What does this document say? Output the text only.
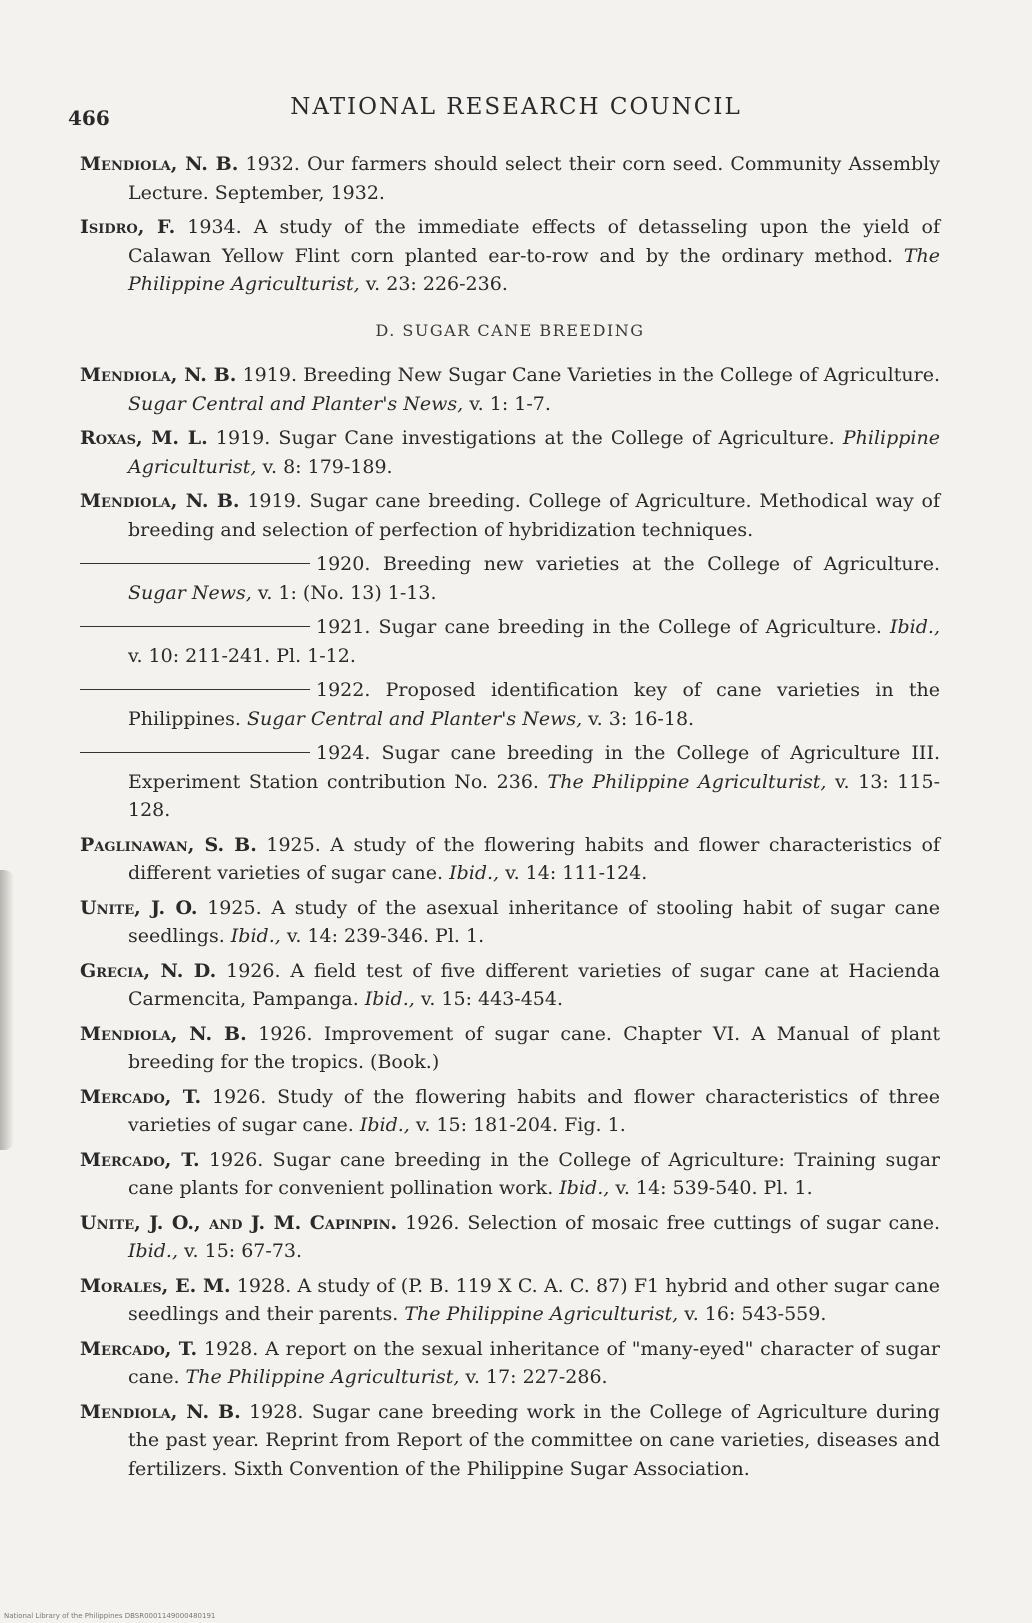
466	NATIONAL RESEARCH COUNCIL
Mendiola, N. B. 1932. Our farmers should select their corn seed. Community Assembly Lecture. September, 1932.
Isidro, F. 1934. A study of the immediate effects of detasseling upon the yield of Calawan Yellow Flint corn planted ear-to-row and by the ordinary method. The Philippine Agriculturist, v. 23: 226-236.
D. SUGAR CANE BREEDING
Mendiola, N. B. 1919. Breeding New Sugar Cane Varieties in the College of Agriculture. Sugar Central and Planter's News, v. 1: 1-7.
Roxas, M. L. 1919. Sugar Cane investigations at the College of Agriculture. Philippine Agriculturist, v. 8: 179-189.
Mendiola, N. B. 1919. Sugar cane breeding. College of Agriculture. Methodical way of breeding and selection of perfection of hybridization techniques.
1920. Breeding new varieties at the College of Agriculture. Sugar News, v. 1: (No. 13) 1-13.
1921. Sugar cane breeding in the College of Agriculture. Ibid., v. 10: 211-241. Pl. 1-12.
1922. Proposed identification key of cane varieties in the Philippines. Sugar Central and Planter's News, v. 3: 16-18.
1924. Sugar cane breeding in the College of Agriculture III. Experiment Station contribution No. 236. The Philippine Agriculturist, v. 13: 115-128.
Paglinawan, S. B. 1925. A study of the flowering habits and flower characteristics of different varieties of sugar cane. Ibid., v. 14: 111-124.
Unite, J. O. 1925. A study of the asexual inheritance of stooling habit of sugar cane seedlings. Ibid., v. 14: 239-346. Pl. 1.
Grecia, N. D. 1926. A field test of five different varieties of sugar cane at Hacienda Carmencita, Pampanga. Ibid., v. 15: 443-454.
Mendiola, N. B. 1926. Improvement of sugar cane. Chapter VI. A Manual of plant breeding for the tropics. (Book.)
Mercado, T. 1926. Study of the flowering habits and flower characteristics of three varieties of sugar cane. Ibid., v. 15: 181-204. Fig. 1.
Mercado, T. 1926. Sugar cane breeding in the College of Agriculture: Training sugar cane plants for convenient pollination work. Ibid., v. 14: 539-540. Pl. 1.
Unite, J. O., and J. M. Capinpin. 1926. Selection of mosaic free cuttings of sugar cane. Ibid., v. 15: 67-73.
Morales, E. M. 1928. A study of (P. B. 119 X C. A. C. 87) F1 hybrid and other sugar cane seedlings and their parents. The Philippine Agriculturist, v. 16: 543-559.
Mercado, T. 1928. A report on the sexual inheritance of "many-eyed" character of sugar cane. The Philippine Agriculturist, v. 17: 227-286.
Mendiola, N. B. 1928. Sugar cane breeding work in the College of Agriculture during the past year. Reprint from Report of the committee on cane varieties, diseases and fertilizers. Sixth Convention of the Philippine Sugar Association.
National Library of the Philippines DBSR0001149000480191
